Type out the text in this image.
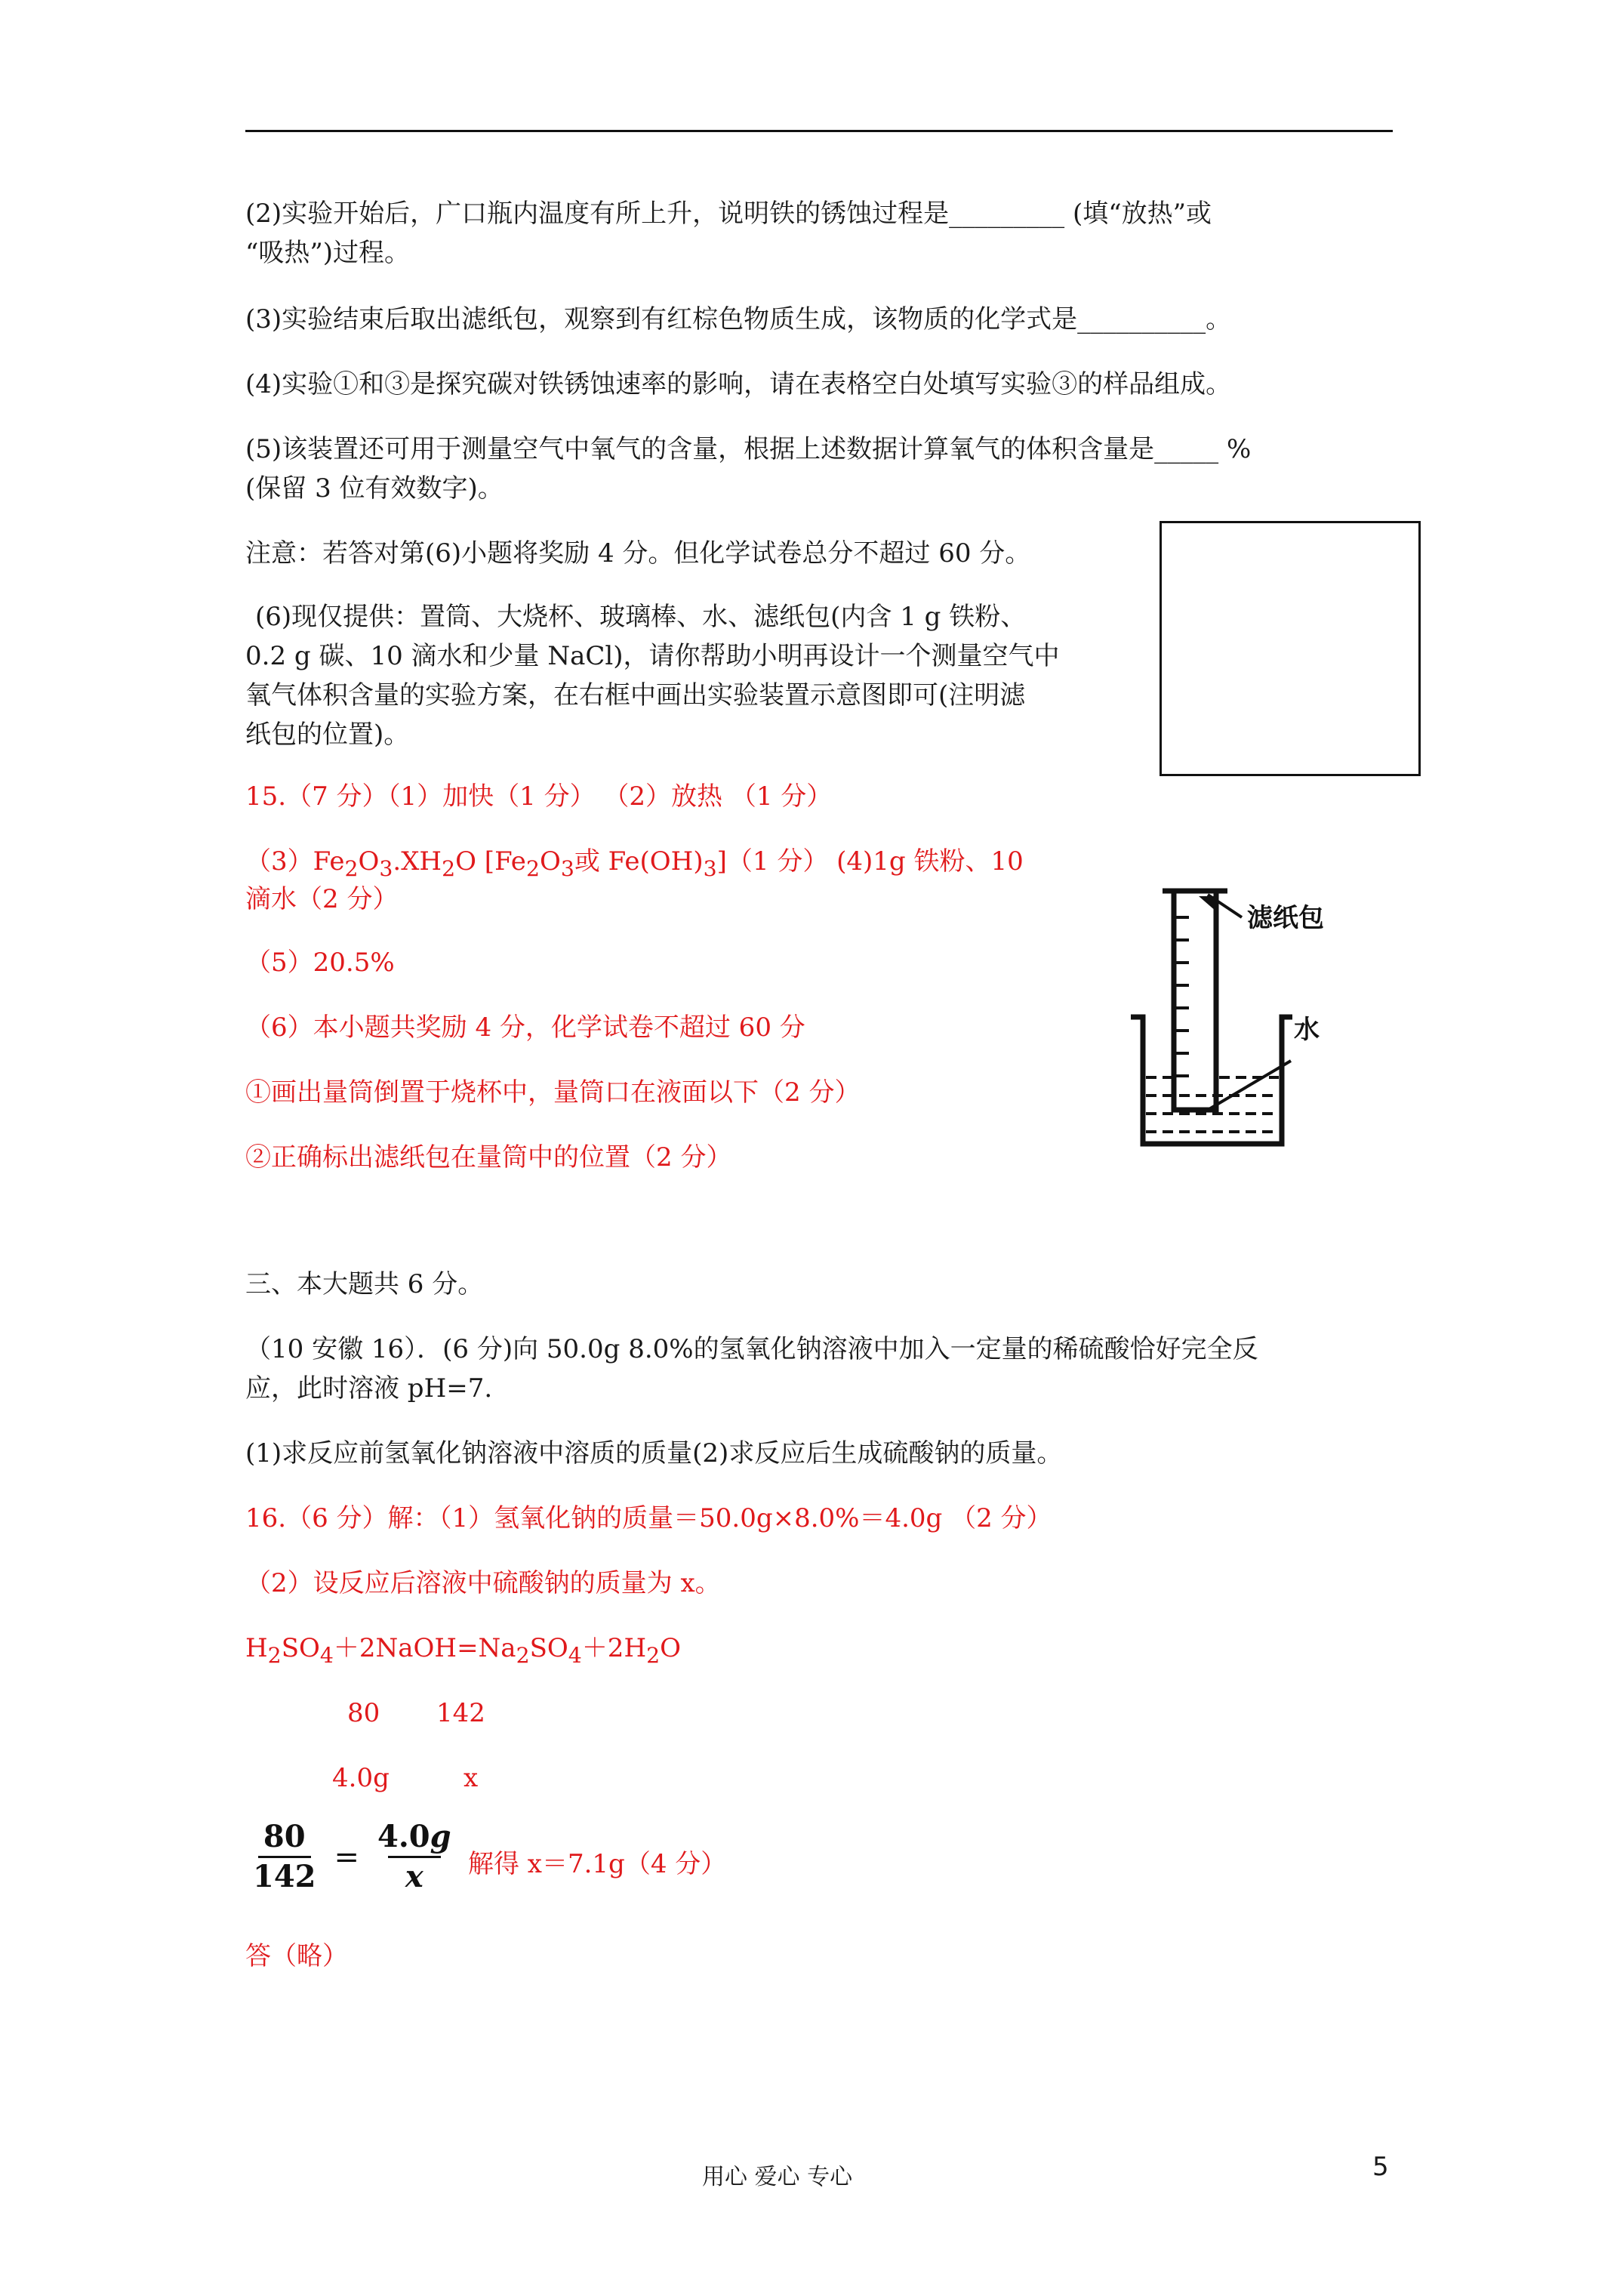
(2)实验开始后，广口瓶内温度有所上升，说明铁的锈蚀过程是_________ (填“放热”或
“吸热”)过程。
(3)实验结束后取出滤纸包，观察到有红棕色物质生成，该物质的化学式是__________。
(4)实验①和③是探究碳对铁锈蚀速率的影响，请在表格空白处填写实验③的样品组成。
(5)该装置还可用于测量空气中氧气的含量，根据上述数据计算氧气的体积含量是_____ %
(保留 3 位有效数字)。
注意：若答对第(6)小题将奖励 4 分。但化学试卷总分不超过 60 分。
(6)现仅提供：置筒、大烧杯、玻璃棒、水、滤纸包(内含 1 g 铁粉、
0.2 g 碳、10 滴水和少量 NaCl)，请你帮助小明再设计一个测量空气中
氧气体积含量的实验方案，在右框中画出实验装置示意图即可(注明滤
纸包的位置)。
15.（7 分）（1）加快（1 分） （2）放热 （1 分）
$(3)Fe_2O_3.XH_2O$ [$Fe_2O_3$或 $Fe(OH)_3](1$ 分） (4)1g 铁粉、10
滴水（2 分）
（5）20.5%
（6）本小题共奖励 4 分，化学试卷不超过 60 分
①画出量筒倒置于烧杯中，量筒口在液面以下（2 分）
②正确标出滤纸包在量筒中的位置（2 分）
滤纸包
水
三、本大题共 6 分。
（10 安徽 16）．(6 分)向 50.0g 8.0%的氢氧化钠溶液中加入一定量的稀硫酸恰好完全反
应，此时溶液 pH=7.
(1)求反应前氢氧化钠溶液中溶质的质量(2)求反应后生成硫酸钠的质量。
16.（6 分）解：（1）氢氧化钠的质量＝50.0g×8.0%＝4.0g （2 分）
（2）设反应后溶液中硫酸钠的质量为 x。
$H_2SO_4+2NaOH=Na_2SO_4+2H_2O$
80 142
4.0g	x
80
142
=
4.0g
x 解得 x＝7.1g（4 分）
答（略）
用心 爱心 专心	5
